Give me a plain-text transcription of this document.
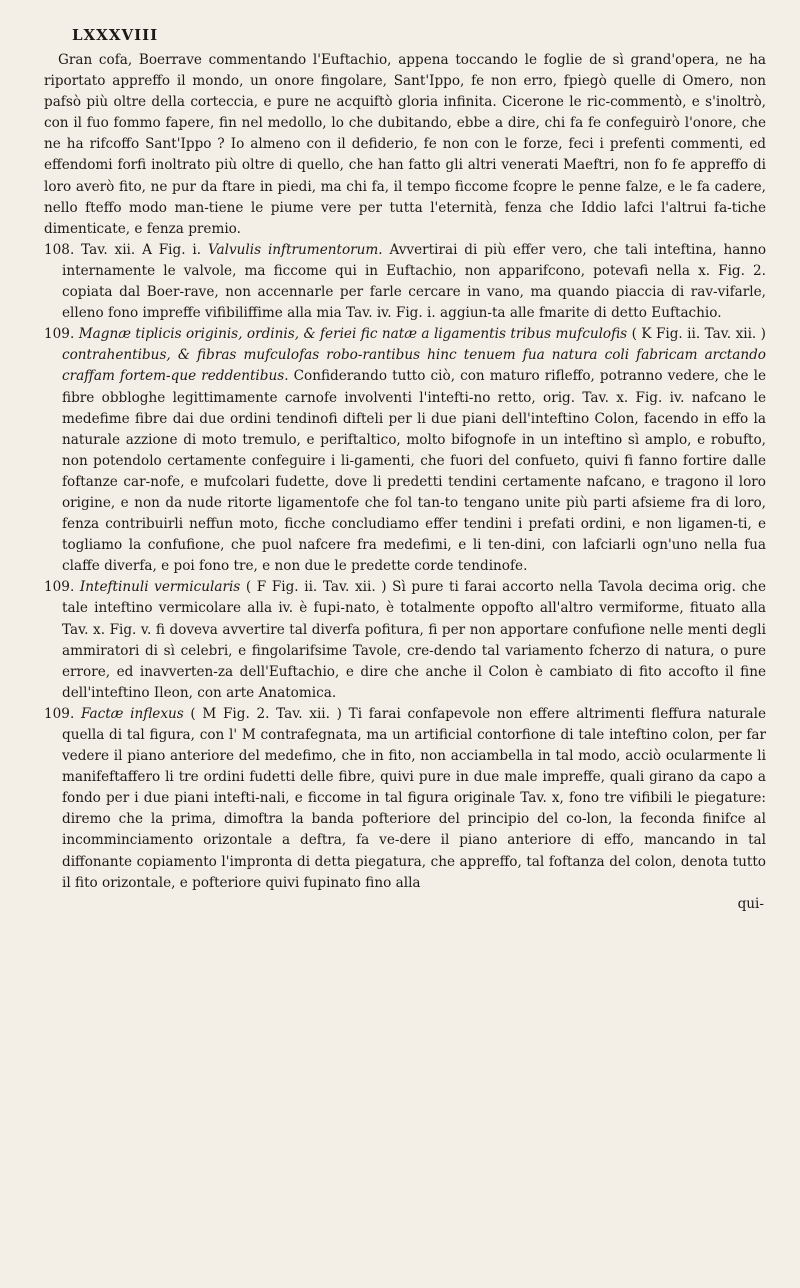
LXXXVIII

Gran cofa, Boerrave commentando l'Euftachio, appena toccando le foglie de sì grand'opera, ne ha riportato appreffo il mondo, un onore fingolare, Sant'Ippo, fe non erro, fpiegò quelle di Omero, non pafsò più oltre della corteccia, e pure ne acquiftò gloria infinita. Cicerone le ric-commentò, e s'inoltrò, con il fuo fommo fapere, fin nel medollo, lo che dubitando, ebbe a dire, chi fa fe confeguirò l'onore, che ne ha rifcoffo Sant'Ippo ? Io almeno con il defiderio, fe non con le forze, feci i prefenti commenti, ed effendomi forfi inoltrato più oltre di quello, che han fatto gli altri venerati Maeftri, non fo fe appreffo di loro averò fito, ne pur da ftare in piedi, ma chi fa, il tempo ficcome fcopre le penne falze, e le fa cadere, nello fteffo modo man-tiene le piume vere per tutta l'eternità, fenza che Iddio lafci l'altrui fa-tiche dimenticate, e fenza premio.

108. Tav. xii. A Fig. i. Valvulis inftrumentorum. Avvertirai di più effer vero, che tali inteftina, hanno internamente le valvole, ma ficcome qui in Euftachio, non apparifcono, potevafi nella x. Fig. 2. copiata dal Boer-rave, non accennarle per farle cercare in vano, ma quando piaccia di rav-vifarle, elleno fono impreffe vifibiliffime alla mia Tav. iv. Fig. i. aggiun-ta alle fmarite di detto Euftachio.

109. Magnæ tiplicis originis, ordinis, & feriei fic natæ a ligamentis tribus mufculofis ( K Fig. ii. Tav. xii. ) contrahentibus, & fibras mufculofas robo-rantibus hinc tenuem fua natura coli fabricam arctando craffam fortem-que reddentibus. Confiderando tutto ciò, con maturo rifleffo, potranno vedere, che le fibre obbloghe legittimamente carnofe involventi l'intefti-no retto, orig. Tav. x. Fig. iv. nafcano le medefime fibre dai due ordini tendinofi difteli per li due piani dell'inteftino Colon, facendo in effo la naturale azzione di moto tremulo, e periftaltico, molto bifognofe in un inteftino sì amplo, e robufto, non potendolo certamente confeguire i li-gamenti, che fuori del confueto, quivi fi fanno fortire dalle foftanze car-nofe, e mufcolari fudette, dove li predetti tendini certamente nafcano, e tragono il loro origine, e non da nude ritorte ligamentofe che fol tan-to tengano unite più parti afsieme fra di loro, fenza contribuirli neffun moto, ficche concludiamo effer tendini i prefati ordini, e non ligamen-ti, e togliamo la confufione, che puol nafcere fra medefimi, e li ten-dini, con lafciarli ogn'uno nella fua claffe diverfa, e poi fono tre, e non due le predette corde tendinofe.

109. Inteftinuli vermicularis ( F Fig. ii. Tav. xii. ) Sì pure ti farai accorto nella Tavola decima orig. che tale inteftino vermicolare alla iv. è fupi-nato, è totalmente oppofto all'altro vermiforme, fituato alla Tav. x. Fig. v. fi doveva avvertire tal diverfa pofitura, fi per non apportare confufione nelle menti degli ammiratori di sì celebri, e fingolarifsime Tavole, cre-dendo tal variamento fcherzo di natura, o pure errore, ed inavverten-za dell'Euftachio, e dire che anche il Colon è cambiato di fito accofto il fine dell'inteftino Ileon, con arte Anatomica.

109. Factæ inflexus ( M Fig. 2. Tav. xii. ) Ti farai confapevole non effere altrimenti fleffura naturale quella di tal figura, con l' M contrafegnata, ma un artificial contorfione di tale inteftino colon, per far vedere il piano anteriore del medefimo, che in fito, non acciambella in tal modo, acciò ocularmente li manifeftaffero li tre ordini fudetti delle fibre, quivi pure in due male impreffe, quali girano da capo a fondo per i due piani intefti-nali, e ficcome in tal figura originale Tav. x, fono tre vifibili le piegature: diremo che la prima, dimoftra la banda pofteriore del principio del co-lon, la feconda finifce al incomminciamento orizontale a deftra, fa ve-dere il piano anteriore di effo, mancando in tal diffonante copiamento l'impronta di detta piegatura, che appreffo, tal foftanza del colon, denota tutto il fito orizontale, e pofteriore quivi fupinato fino alla

qui-
